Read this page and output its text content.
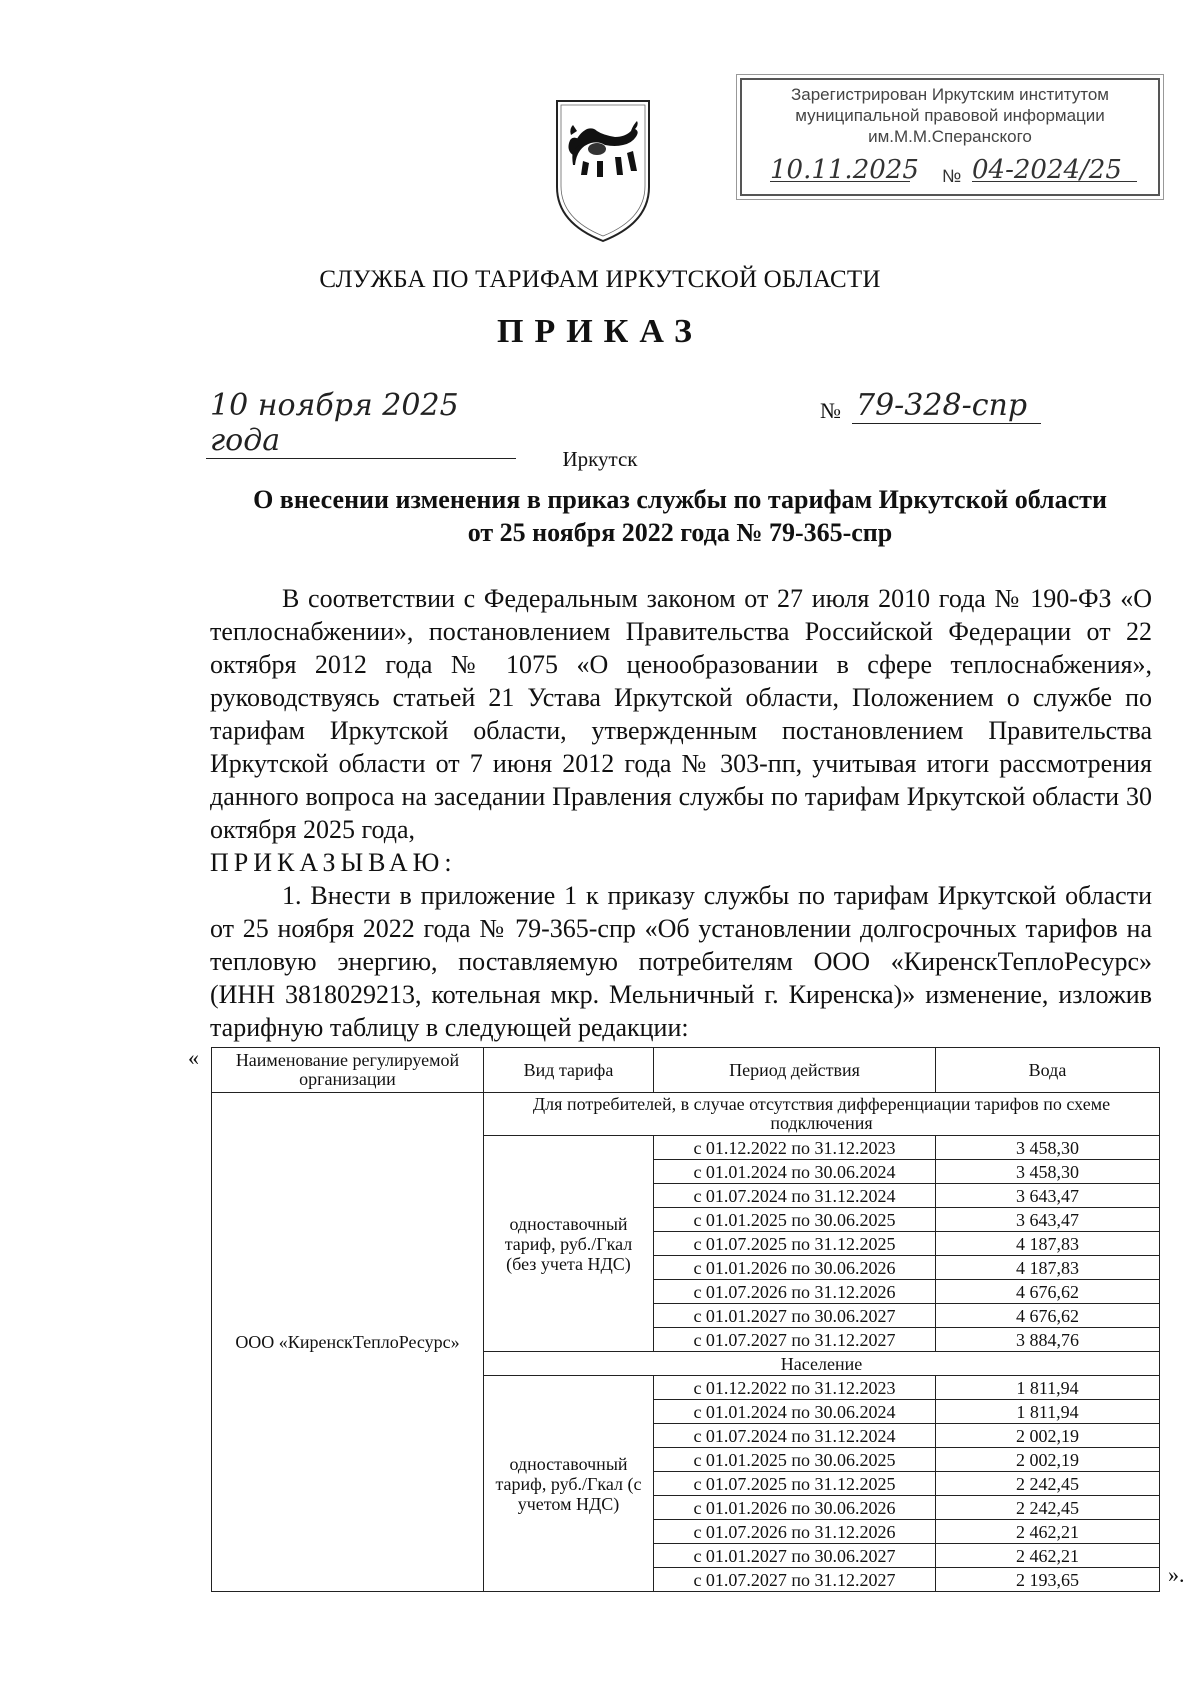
Зарегистрирован Иркутским институтом
муниципальной правовой информации
им.М.М.Сперанского
10.11.2025 № 04-2024/25
СЛУЖБА ПО ТАРИФАМ ИРКУТСКОЙ ОБЛАСТИ
ПРИКАЗ
10 ноября 2025 года
№ 79-328-спр
Иркутск
О внесении изменения в приказ службы по тарифам Иркутской области
от 25 ноября 2022 года № 79-365-спр

В соответствии с Федеральным законом от 27 июля 2010 года № 190-ФЗ «О теплоснабжении», постановлением Правительства Российской Федерации от 22 октября 2012 года № 1075 «О ценообразовании в сфере теплоснабжения», руководствуясь статьей 21 Устава Иркутской области, Положением о службе по тарифам Иркутской области, утвержденным постановлением Правительства Иркутской области от 7 июня 2012 года № 303-пп, учитывая итоги рассмотрения данного вопроса на заседании Правления службы по тарифам Иркутской области 30 октября 2025 года,

ПРИКАЗЫВАЮ:

1. Внести в приложение 1 к приказу службы по тарифам Иркутской области от 25 ноября 2022 года № 79-365-спр «Об установлении долгосрочных тарифов на тепловую энергию, поставляемую потребителям ООО «КиренскТеплоРесурс» (ИНН 3818029213, котельная мкр. Мельничный г. Киренска)» изменение, изложив тарифную таблицу в следующей редакции:

«
».
Наименование регулируемой организации	Вид тарифа	Период действия	Вода
ООО «КиренскТеплоРесурс»	Для потребителей, в случае отсутствия дифференциации тарифов по схеме подключения		
	одноставочный тариф, руб./Гкал (без учета НДС)	с 01.12.2022 по 31.12.2023	3 458,30
		с 01.01.2024 по 30.06.2024	3 458,30
		с 01.07.2024 по 31.12.2024	3 643,47
		с 01.01.2025 по 30.06.2025	3 643,47
		с 01.07.2025 по 31.12.2025	4 187,83
		с 01.01.2026 по 30.06.2026	4 187,83
		с 01.07.2026 по 31.12.2026	4 676,62
		с 01.01.2027 по 30.06.2027	4 676,62
		с 01.07.2027 по 31.12.2027	3 884,76
	Население		
	одноставочный тариф, руб./Гкал (с учетом НДС)	с 01.12.2022 по 31.12.2023	1 811,94
		с 01.01.2024 по 30.06.2024	1 811,94
		с 01.07.2024 по 31.12.2024	2 002,19
		с 01.01.2025 по 30.06.2025	2 002,19
		с 01.07.2025 по 31.12.2025	2 242,45
		с 01.01.2026 по 30.06.2026	2 242,45
		с 01.07.2026 по 31.12.2026	2 462,21
		с 01.01.2027 по 30.06.2027	2 462,21
		с 01.07.2027 по 31.12.2027	2 193,65
